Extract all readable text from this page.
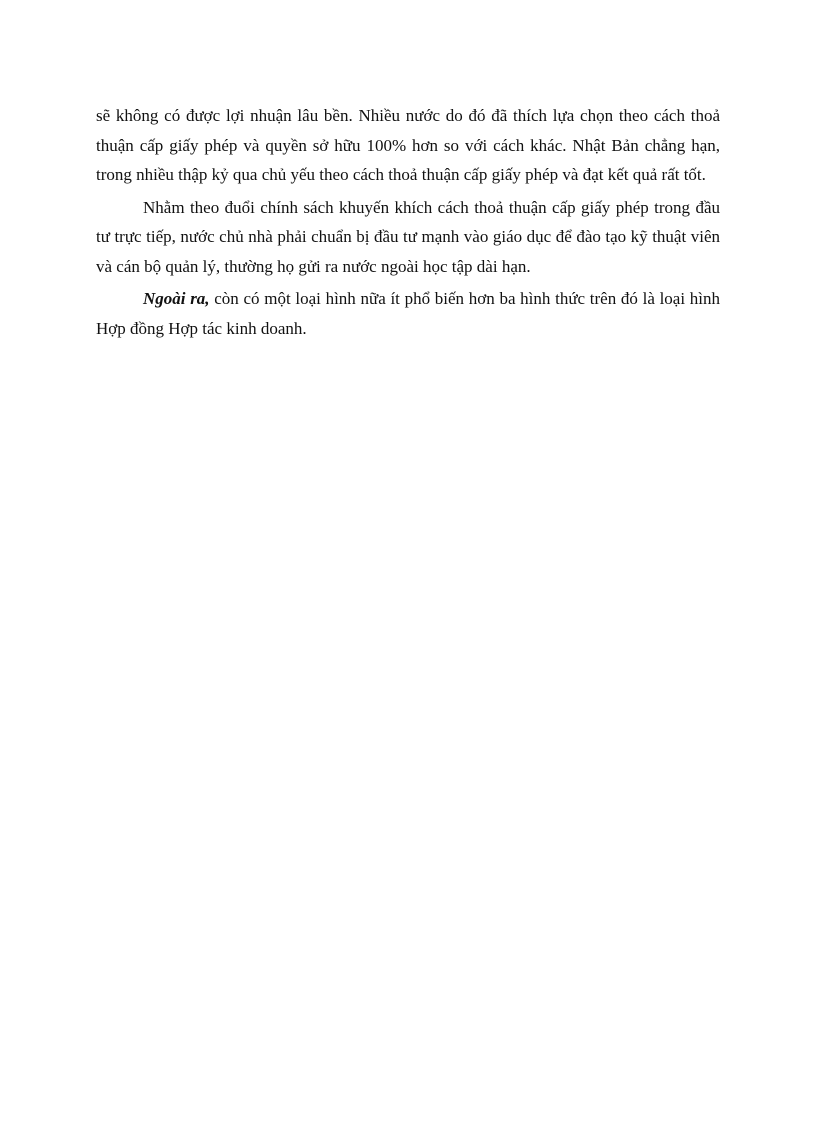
sẽ không có được lợi nhuận lâu bền. Nhiều nước do đó đã thích lựa chọn theo cách thoả thuận cấp giấy phép và quyền sở hữu 100% hơn so với cách khác. Nhật Bản chẳng hạn, trong nhiều thập kỷ qua chủ yếu theo cách thoả thuận cấp giấy phép và đạt kết quả rất tốt.

Nhằm theo đuổi chính sách khuyến khích cách thoả thuận cấp giấy phép trong đầu tư trực tiếp, nước chủ nhà phải chuẩn bị đầu tư mạnh vào giáo dục để đào tạo kỹ thuật viên và cán bộ quản lý, thường họ gửi ra nước ngoài học tập dài hạn.

Ngoài ra, còn có một loại hình nữa ít phổ biến hơn ba hình thức trên đó là loại hình Hợp đồng Hợp tác kinh doanh.
